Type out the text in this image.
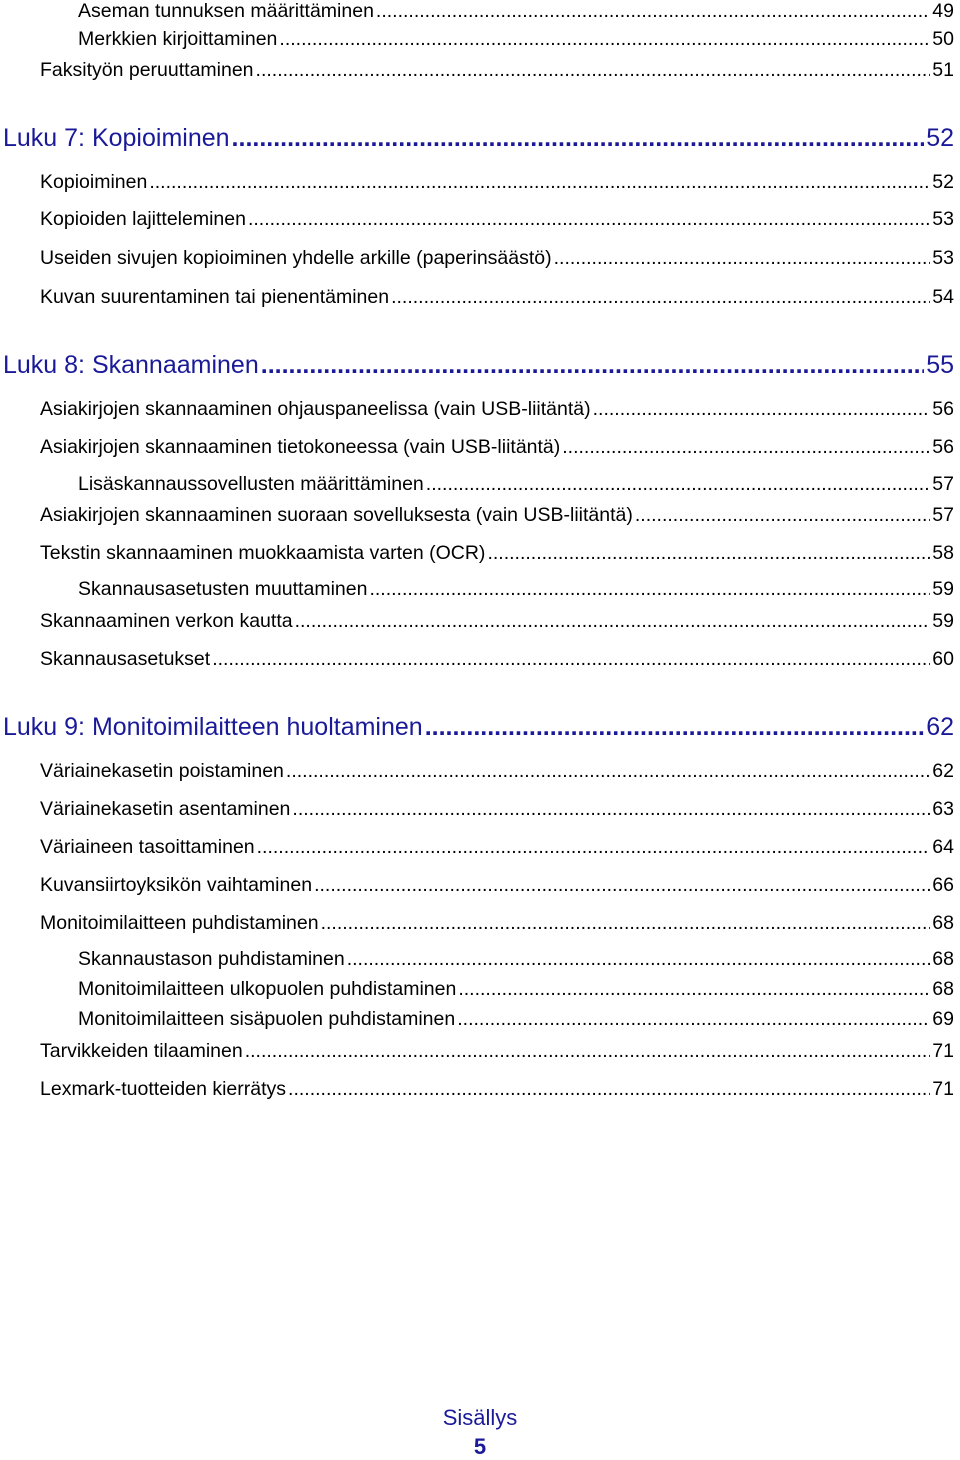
Aseman tunnuksen määrittäminen .....	49
Merkkien kirjoittaminen .....	50
Faksityön peruuttaminen .....	51
Luku 7: Kopioiminen .....	52
Kopioiminen .....	52
Kopioiden lajitteleminen .....	53
Useiden sivujen kopioiminen yhdelle arkille (paperinsäästö) .....	53
Kuvan suurentaminen tai pienentäminen .....	54
Luku 8: Skannaaminen .....	55
Asiakirjojen skannaaminen ohjauspaneelissa (vain USB-liitäntä) .....	56
Asiakirjojen skannaaminen tietokoneessa (vain USB-liitäntä) .....	56
Lisäskannaussovellusten määrittäminen .....	57
Asiakirjojen skannaaminen suoraan sovelluksesta (vain USB-liitäntä) .....	57
Tekstin skannaaminen muokkaamista varten (OCR) .....	58
Skannausasetusten muuttaminen .....	59
Skannaaminen verkon kautta .....	59
Skannausasetukset .....	60
Luku 9: Monitoimilaitteen huoltaminen .....	62
Väriainekasetin poistaminen .....	62
Väriainekasetin asentaminen .....	63
Väriaineen tasoittaminen .....	64
Kuvansiirtoyksikön vaihtaminen .....	66
Monitoimilaitteen puhdistaminen .....	68
Skannaustason puhdistaminen .....	68
Monitoimilaitteen ulkopuolen puhdistaminen .....	68
Monitoimilaitteen sisäpuolen puhdistaminen .....	69
Tarvikkeiden tilaaminen .....	71
Lexmark-tuotteiden kierrätys .....	71
Sisällys
5
